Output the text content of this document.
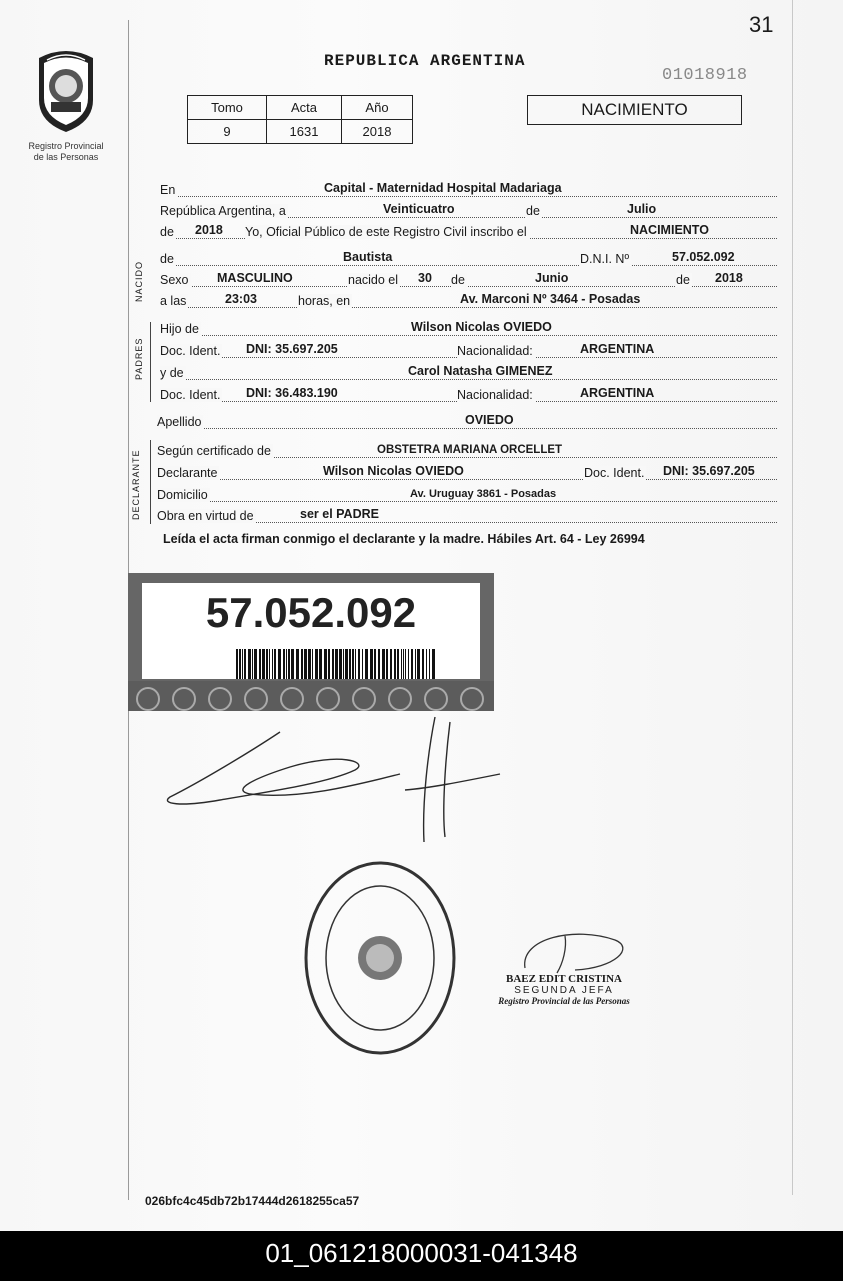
31
REPUBLICA ARGENTINA
01018918
Registro Provincial
de las Personas
Tomo	Acta	Año
9	1631	2018
NACIMIENTO
En	Capital - Maternidad Hospital Madariaga
República Argentina, a	Veinticuatro	de	Julio
de 2018 Yo, Oficial Público de este Registro Civil inscribo el	NACIMIENTO
NACIDO
de	Bautista	D.N.I. Nº	57.052.092
Sexo MASCULINO	nacido el 30 de	Junio	de 2018
a las	23:03	horas, en	Av. Marconi Nº 3464 - Posadas
PADRES
Hijo de	Wilson Nicolas OVIEDO
Doc. Ident. DNI: 35.697.205	Nacionalidad:	ARGENTINA
y de	Carol Natasha GIMENEZ
Doc. Ident. DNI: 36.483.190	Nacionalidad:	ARGENTINA
Apellido	OVIEDO
DECLARANTE Según certificado de	OBSTETRA MARIANA ORCELLET
Declarante	Wilson Nicolas OVIEDO	Doc. Ident. DNI: 35.697.205
Domicilio	Av. Uruguay 3861 - Posadas
Obra en virtud de	ser el PADRE
Leída el acta firman conmigo el declarante y la madre. Hábiles Art. 64 - Ley 26994
57.052.092
BAEZ EDIT CRISTINA
SEGUNDA JEFA
Registro Provincial de las Personas
026bfc4c45db72b17444d2618255ca57
01_061218000031-041348
